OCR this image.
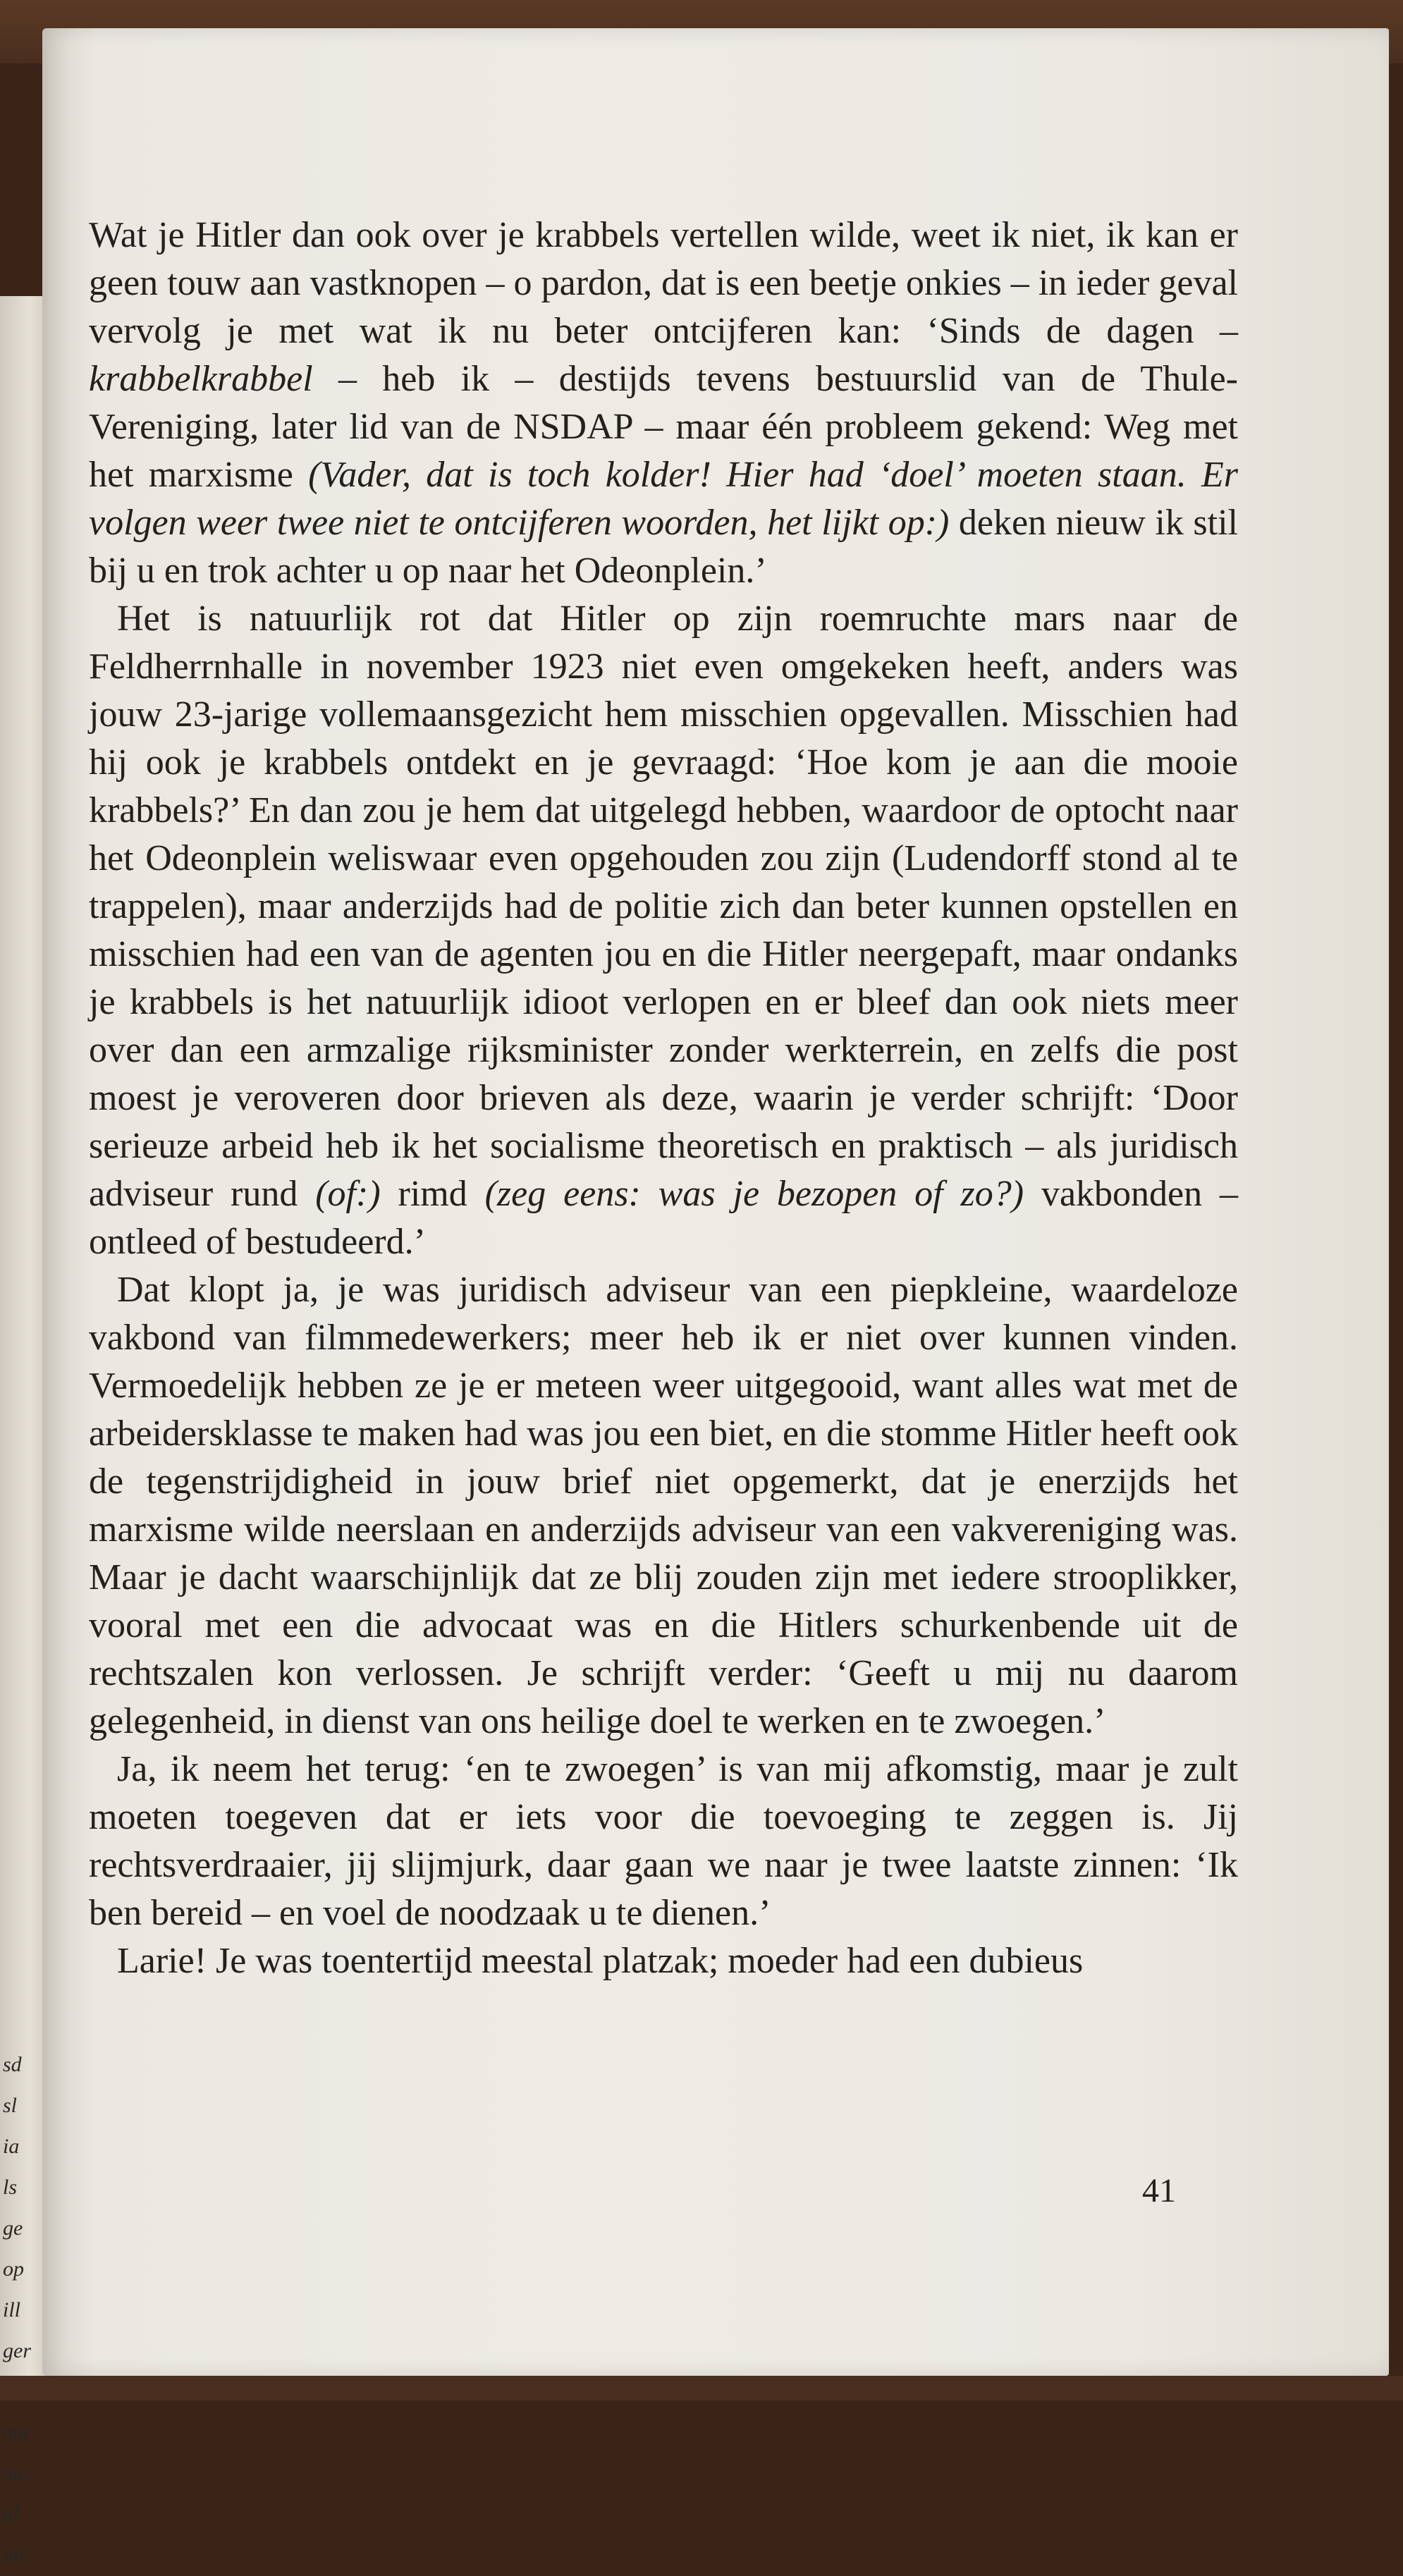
sd
sl
ia
ls
ge
op
ill
ger
ma
mo
al
mi

Wat je Hitler dan ook over je krabbels vertellen wilde, weet ik niet, ik kan er geen touw aan vastknopen – o pardon, dat is een beetje onkies – in ieder geval vervolg je met wat ik nu beter ontcijferen kan: ‘Sinds de dagen – krabbelkrabbel – heb ik – destijds tevens bestuurslid van de Thule-Vereniging, later lid van de NSDAP – maar één probleem gekend: Weg met het marxisme (Vader, dat is toch kolder! Hier had ‘doel’ moeten staan. Er volgen weer twee niet te ontcijferen woorden, het lijkt op:) deken nieuw ik stil bij u en trok achter u op naar het Odeonplein.’

Het is natuurlijk rot dat Hitler op zijn roemruchte mars naar de Feldherrnhalle in november 1923 niet even omgekeken heeft, anders was jouw 23-jarige vollemaansgezicht hem misschien opgevallen. Misschien had hij ook je krabbels ontdekt en je gevraagd: ‘Hoe kom je aan die mooie krabbels?’ En dan zou je hem dat uitgelegd hebben, waardoor de optocht naar het Odeonplein weliswaar even opgehouden zou zijn (Ludendorff stond al te trappelen), maar anderzijds had de politie zich dan beter kunnen opstellen en misschien had een van de agenten jou en die Hitler neergepaft, maar ondanks je krabbels is het natuurlijk idioot verlopen en er bleef dan ook niets meer over dan een armzalige rijksminister zonder werkterrein, en zelfs die post moest je veroveren door brieven als deze, waarin je verder schrijft: ‘Door serieuze arbeid heb ik het socialisme theoretisch en praktisch – als juridisch adviseur rund (of:) rimd (zeg eens: was je bezopen of zo?) vakbonden – ontleed of bestudeerd.’

Dat klopt ja, je was juridisch adviseur van een piepkleine, waardeloze vakbond van filmmedewerkers; meer heb ik er niet over kunnen vinden. Vermoedelijk hebben ze je er meteen weer uitgegooid, want alles wat met de arbeidersklasse te maken had was jou een biet, en die stomme Hitler heeft ook de tegenstrijdigheid in jouw brief niet opgemerkt, dat je enerzijds het marxisme wilde neerslaan en anderzijds adviseur van een vakvereniging was. Maar je dacht waarschijnlijk dat ze blij zouden zijn met iedere strooplikker, vooral met een die advocaat was en die Hitlers schurkenbende uit de rechtszalen kon verlossen. Je schrijft verder: ‘Geeft u mij nu daarom gelegenheid, in dienst van ons heilige doel te werken en te zwoegen.’

Ja, ik neem het terug: ‘en te zwoegen’ is van mij afkomstig, maar je zult moeten toegeven dat er iets voor die toevoeging te zeggen is. Jij rechtsverdraaier, jij slijmjurk, daar gaan we naar je twee laatste zinnen: ‘Ik ben bereid – en voel de noodzaak u te dienen.’

Larie! Je was toentertijd meestal platzak; moeder had een dubieus

41
